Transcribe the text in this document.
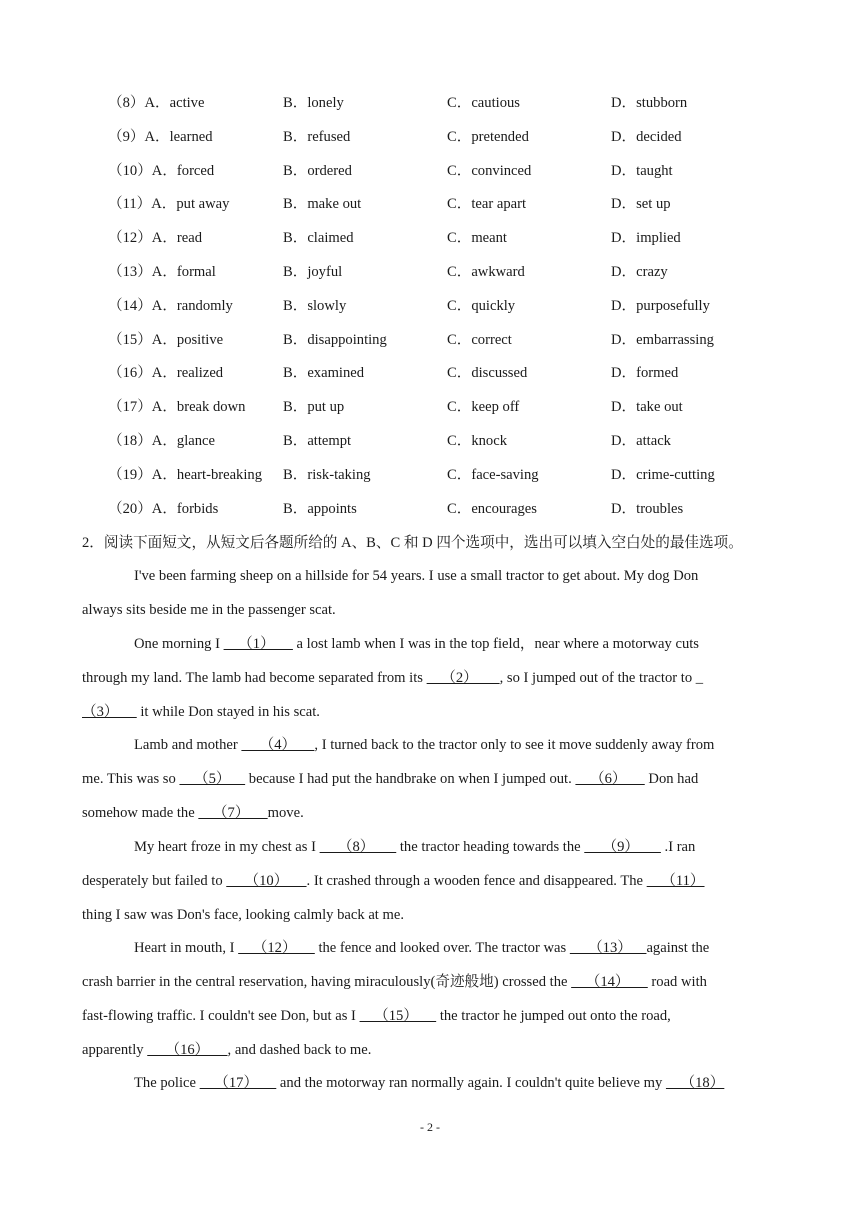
（8）A．active	B．lonely	C．cautious	D．stubborn
（9）A．learned	B．refused	C．pretended	D．decided
（10）A．forced	B．ordered	C．convinced	D．taught
（11）A．put away	B．make out	C．tear apart	D．set up
（12）A．read	B．claimed	C．meant	D．implied
（13）A．formal	B．joyful	C．awkward	D．crazy
（14）A．randomly	B．slowly	C．quickly	D．purposefully
（15）A．positive	B．disappointing	C．correct	D．embarrassing
（16）A．realized	B．examined	C．discussed	D．formed
（17）A．break down	B．put up	C．keep off	D．take out
（18）A．glance	B．attempt	C．knock	D．attack
（19）A．heart-breaking B．risk-taking	C．face-saving	D．crime-cutting
（20）A．forbids	B．appoints	C．encourages	D．troubles
2．阅读下面短文，从短文后各题所给的 A、B、C 和 D 四个选项中，选出可以填入空白处的最佳选项。
I've been farming sheep on a hillside for 54 years. I use a small tractor to get about. My dog Don
always sits beside me in the passenger scat.
One morning I     （1）      a lost lamb when I was in the top field，near where a motorway cuts
through my land. The lamb had become separated from its     （2）      , so I jumped out of the tractor to _
（3）      it while Don stayed in his scat.
Lamb and mother      （4）     , I turned back to the tractor only to see it move suddenly away from
me. This was so     （5）     because I had put the handbrake on when I jumped out.     （6）      Don had
somehow made the     （7）     move.
My heart froze in my chest as I      （8）       the tractor heading towards the      （9）       .I ran
desperately but failed to      （10）     . It crashed through a wooden fence and disappeared. The     （11）
thing I saw was Don's face, looking calmly back at me.
Heart in mouth, I     （12）      the fence and looked over. The tractor was      （13）    against the
crash barrier in the central reservation, having miraculously(奇迹般地) crossed the     （14）      road with
fast-flowing traffic. I couldn't see Don, but as I     （15）      the tractor he jumped out onto the road,
apparently      （16）     , and dashed back to me.
The police     （17）      and the motorway ran normally again. I couldn't quite believe my     （18）
- 2 -
